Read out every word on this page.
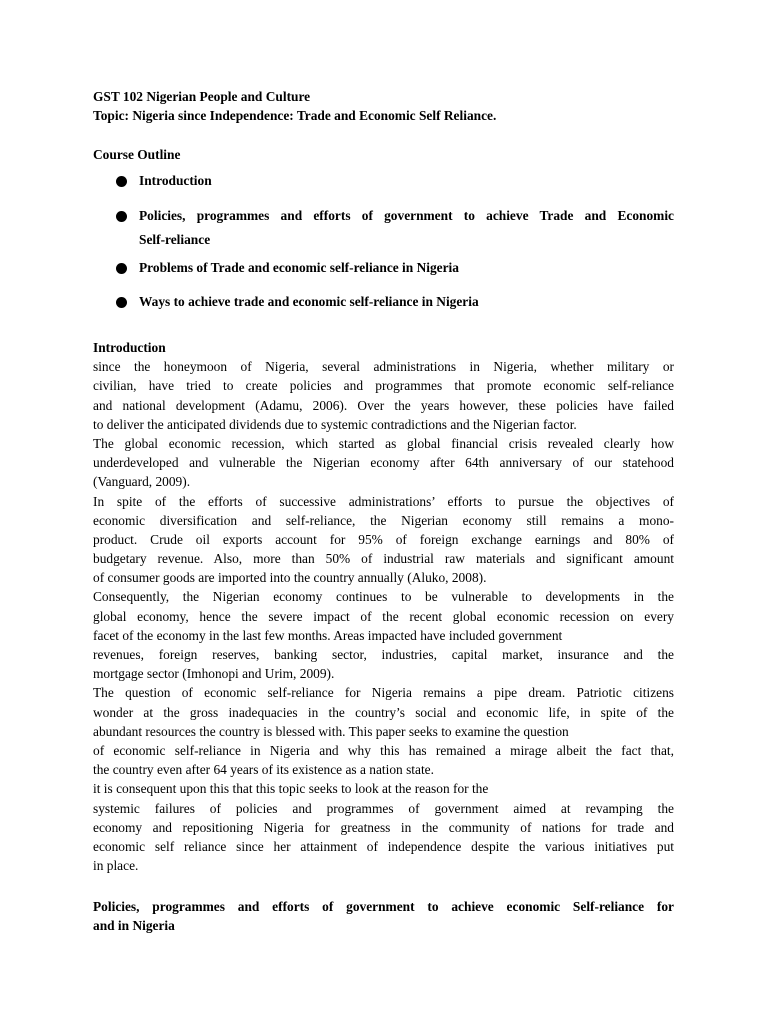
GST 102 Nigerian People and Culture
Topic: Nigeria since Independence: Trade and Economic Self Reliance.
Course Outline
Introduction
Policies, programmes and efforts of government to achieve Trade and Economic
Self-reliance
Problems of Trade and economic self-reliance in Nigeria
Ways to achieve trade and economic self-reliance in Nigeria
Introduction
since the honeymoon of Nigeria, several administrations in Nigeria, whether military or
civilian, have tried to create policies and programmes that promote economic self-reliance
and national development (Adamu, 2006). Over the years however, these policies have failed
to deliver the anticipated dividends due to systemic contradictions and the Nigerian factor.
The global economic recession, which started as global financial crisis revealed clearly how
underdeveloped and vulnerable the Nigerian economy after 64th anniversary of our statehood
(Vanguard, 2009).
In spite of the efforts of successive administrations’ efforts to pursue the objectives of
economic diversification and self-reliance, the Nigerian economy still remains a mono-
product. Crude oil exports account for 95% of foreign exchange earnings and 80% of
budgetary revenue. Also, more than 50% of industrial raw materials and significant amount
of consumer goods are imported into the country annually (Aluko, 2008).
Consequently, the Nigerian economy continues to be vulnerable to developments in the
global economy, hence the severe impact of the recent global economic recession on every
facet of the economy in the last few months. Areas impacted have included government
revenues, foreign reserves, banking sector, industries, capital market, insurance and the
mortgage sector (Imhonopi and Urim, 2009).
The question of economic self-reliance for Nigeria remains a pipe dream. Patriotic citizens
wonder at the gross inadequacies in the country’s social and economic life, in spite of the
abundant resources the country is blessed with. This paper seeks to examine the question
of economic self-reliance in Nigeria and why this has remained a mirage albeit the fact that,
the country even after 64 years of its existence as a nation state.
it is consequent upon this that this topic seeks to look at the reason for the
systemic failures of policies and programmes of government aimed at revamping the
economy and repositioning Nigeria for greatness in the community of nations for trade and
economic self reliance since her attainment of independence despite the various initiatives put
in place.
Policies, programmes and efforts of government to achieve economic Self-reliance for
and in Nigeria
